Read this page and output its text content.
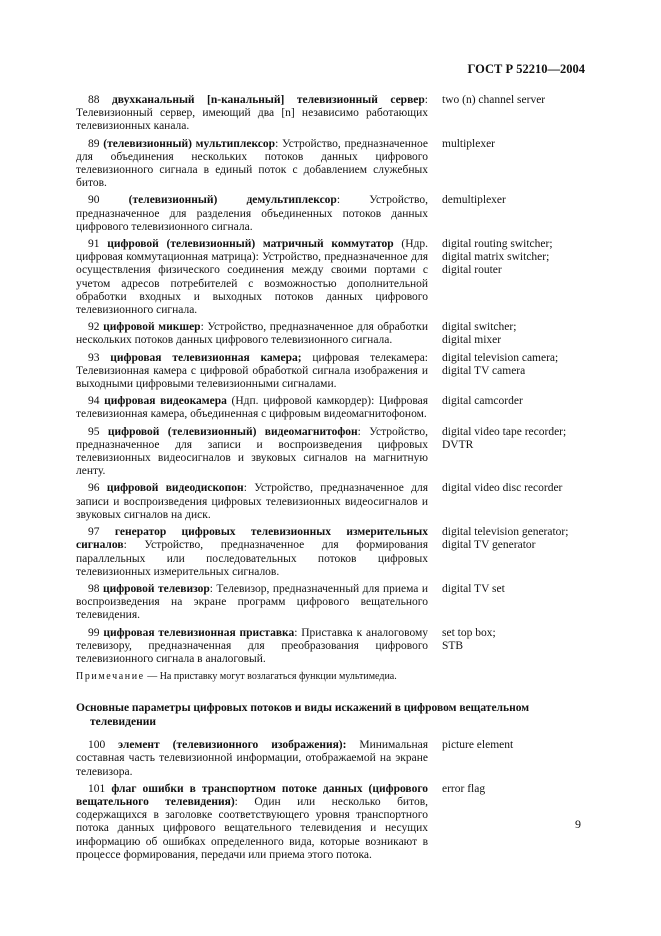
ГОСТ Р 52210—2004
88 двухканальный [n-канальный] телевизионный сервер: Телевизионный сервер, имеющий два [n] независимо работающих телевизионных канала.
two (n) channel server
89 (телевизионный) мультиплексор: Устройство, предназначенное для объединения нескольких потоков данных цифрового телевизионного сигнала в единый поток с добавлением служебных битов.
multiplexer
90	(телевизионный) демультиплексор: Устройство, предназначенное для разделения объединенных потоков данных цифрового телевизионного сигнала.
demultiplexer
91 цифровой (телевизионный) матричный коммутатор (Ндр. цифровая коммутационная матрица): Устройство, предназначенное для осуществления физического соединения между своими портами с учетом адресов потребителей с возможностью дополнительной обработки входных и выходных потоков данных цифрового телевизионного сигнала.
digital routing switcher;
digital matrix switcher;
digital router
92 цифровой микшер: Устройство, предназначенное для обработки нескольких потоков данных цифрового телевизионного сигнала.
digital switcher;
digital mixer
93 цифровая телевизионная камера; цифровая телекамера: Телевизионная камера с цифровой обработкой сигнала изображения и выходными цифровыми телевизионными сигналами.
digital television camera;
digital TV camera
94 цифровая видеокамера (Ндп. цифровой камкордер): Цифровая телевизионная камера, объединенная с цифровым видеомагнитофоном.
digital camcorder
95 цифровой (телевизионный) видеомагнитофон: Устройство, предназначенное для записи и воспроизведения цифровых телевизионных видеосигналов и звуковых сигналов на магнитную ленту.
digital video tape recorder;
DVTR
96 цифровой видеодископон: Устройство, предназначенное для записи и воспроизведения цифровых телевизионных видеосигналов и звуковых сигналов на диск.
digital video disc recorder
97 генератор цифровых телевизионных измерительных сигналов: Устройство, предназначенное для формирования параллельных или последовательных потоков цифровых телевизионных измерительных сигналов.
digital television generator;
digital TV generator
98 цифровой телевизор: Телевизор, предназначенный для приема и воспроизведения на экране программ цифрового вещательного телевидения.
digital TV set
99 цифровая телевизионная приставка: Приставка к аналоговому телевизору, предназначенная для преобразования цифрового телевизионного сигнала в аналоговый.
set top box;
STB
Примечание — На приставку могут возлагаться функции мультимедиа.
Основные параметры цифровых потоков и виды искажений в цифровом вещательном
телевидении
100 элемент (телевизионного изображения): Минимальная составная часть телевизионной информации, отображаемой на экране телевизора.
picture element
101 флаг ошибки в транспортном потоке данных (цифрового вещательного телевидения): Один или несколько битов, содержащихся в заголовке соответствующего уровня транспортного потока данных цифрового вещательного телевидения и несущих информацию об ошибках определенного вида, которые возникают в процессе формирования, передачи или приема этого потока.
error flag
9
